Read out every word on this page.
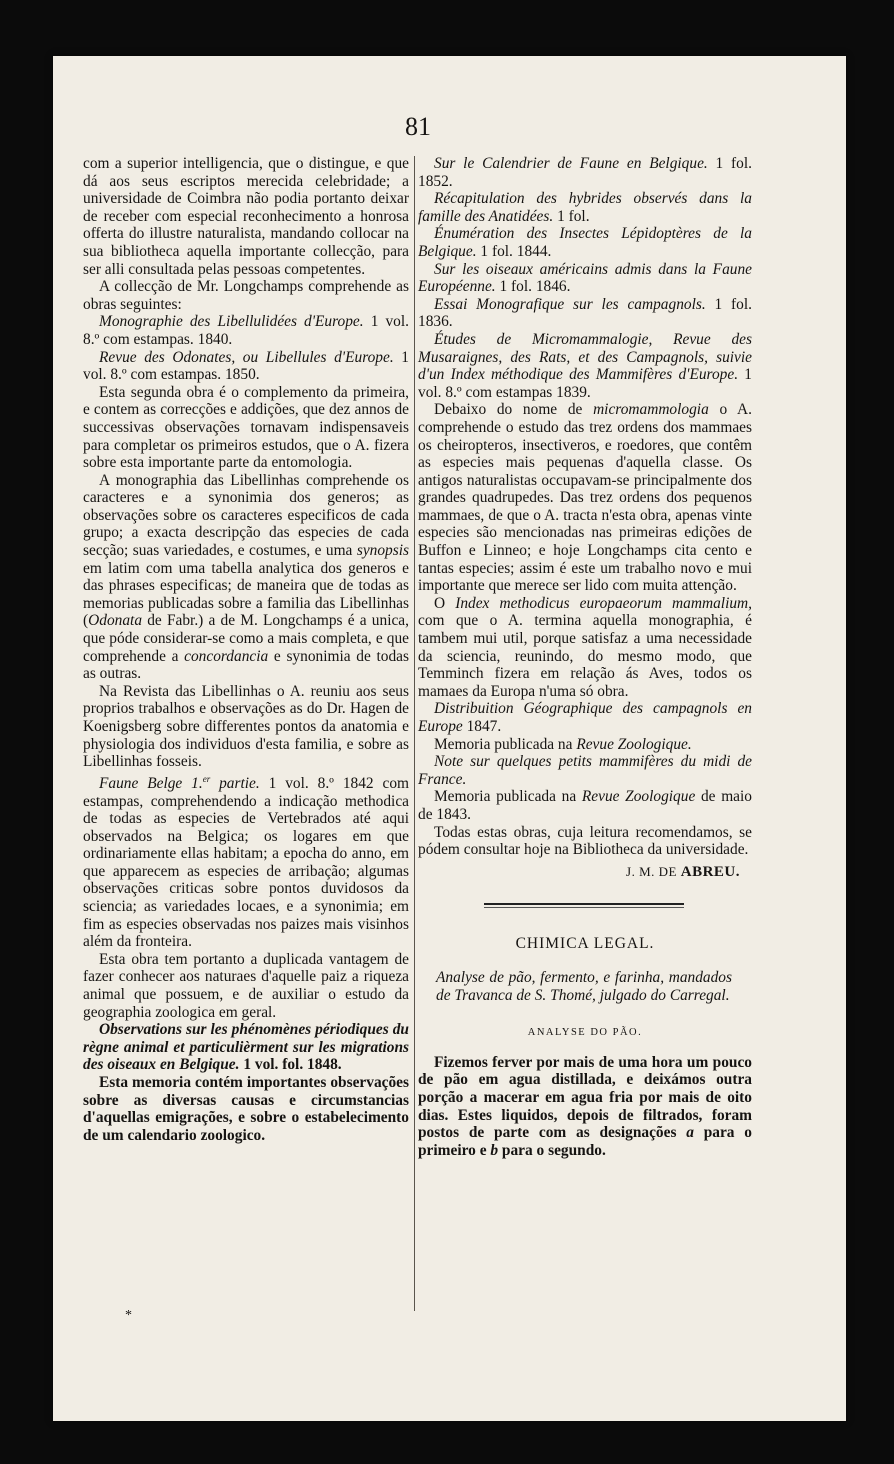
81

com a superior intelligencia, que o distingue, e que dá aos seus escriptos merecida celebridade; a universidade de Coimbra não podia portanto deixar de receber com especial reconhecimento a honrosa offerta do illustre naturalista, mandando collocar na sua bibliotheca aquella importante collecção, para ser alli consultada pelas pessoas competentes.

A collecção de Mr. Longchamps comprehende as obras seguintes:

Monographie des Libellulidées d'Europe. 1 vol. 8.º com estampas. 1840.

Revue des Odonates, ou Libellules d'Europe. 1 vol. 8.º com estampas. 1850.

Esta segunda obra é o complemento da primeira, e contem as correcções e addições, que dez annos de successivas observações tornavam indispensaveis para completar os primeiros estudos, que o A. fizera sobre esta importante parte da entomologia.

A monographia das Libellinhas comprehende os caracteres e a synonimia dos generos; as observações sobre os caracteres especificos de cada grupo; a exacta descripção das especies de cada secção; suas variedades, e costumes, e uma synopsis em latim com uma tabella analytica dos generos e das phrases especificas; de maneira que de todas as memorias publicadas sobre a familia das Libellinhas (Odonata de Fabr.) a de M. Longchamps é a unica, que póde considerar-se como a mais completa, e que comprehende a concordancia e synonimia de todas as outras.

Na Revista das Libellinhas o A. reuniu aos seus proprios trabalhos e observações as do Dr. Hagen de Koenigsberg sobre differentes pontos da anatomia e physiologia dos individuos d'esta familia, e sobre as Libellinhas fosseis.

Faune Belge 1.$^{er}$ partie. 1 vol. 8.º 1842 com estampas, comprehendendo a indicação methodica de todas as especies de Vertebrados até aqui observados na Belgica; os logares em que ordinariamente ellas habitam; a epocha do anno, em que apparecem as especies de arribação; algumas observações criticas sobre pontos duvidosos da sciencia; as variedades locaes, e a synonimia; em fim as especies observadas nos paizes mais visinhos além da fronteira.

Esta obra tem portanto a duplicada vantagem de fazer conhecer aos naturaes d'aquelle paiz a riqueza animal que possuem, e de auxiliar o estudo da geographia zoologica em geral.

Observations sur les phénomènes périodiques du règne animal et particulièrment sur les migrations des oiseaux en Belgique. 1 vol. fol. 1848.

Esta memoria contém importantes observações sobre as diversas causas e circumstancias d'aquellas emigrações, e sobre o estabelecimento de um calendario zoologico.

Sur le Calendrier de Faune en Belgique. 1 fol. 1852.

Récapitulation des hybrides observés dans la famille des Anatidées. 1 fol.

Énumération des Insectes Lépidoptères de la Belgique. 1 fol. 1844.

Sur les oiseaux américains admis dans la Faune Européenne. 1 fol. 1846.

Essai Monografique sur les campagnols. 1 fol. 1836.

Études de Micromammalogie, Revue des Musaraignes, des Rats, et des Campagnols, suivie d'un Index méthodique des Mammifères d'Europe. 1 vol. 8.º com estampas 1839.

Debaixo do nome de micromammologia o A. comprehende o estudo das trez ordens dos mammaes os cheiropteros, insectiveros, e roedores, que contêm as especies mais pequenas d'aquella classe. Os antigos naturalistas occupavam-se principalmente dos grandes quadrupedes. Das trez ordens dos pequenos mammaes, de que o A. tracta n'esta obra, apenas vinte especies são mencionadas nas primeiras edições de Buffon e Linneo; e hoje Longchamps cita cento e tantas especies; assim é este um trabalho novo e mui importante que merece ser lido com muita attenção.

O Index methodicus europaeorum mammalium, com que o A. termina aquella monographia, é tambem mui util, porque satisfaz a uma necessidade da sciencia, reunindo, do mesmo modo, que Temminch fizera em relação ás Aves, todos os mamaes da Europa n'uma só obra.

Distribuition Géographique des campagnols en Europe 1847.

Memoria publicada na Revue Zoologique.

Note sur quelques petits mammifères du midi de France.

Memoria publicada na Revue Zoologique de maio de 1843.

Todas estas obras, cuja leitura recomendamos, se pódem consultar hoje na Bibliotheca da universidade.

J. M. DE ABREU.
CHIMICA LEGAL.

Analyse de pão, fermento, e farinha, mandados de Travanca de S. Thomé, julgado do Carregal.

ANALYSE DO PÃO.

Fizemos ferver por mais de uma hora um pouco de pão em agua distillada, e deixámos outra porção a macerar em agua fria por mais de oito dias. Estes liquidos, depois de filtrados, foram postos de parte com as designações a para o primeiro e b para o segundo.

*
